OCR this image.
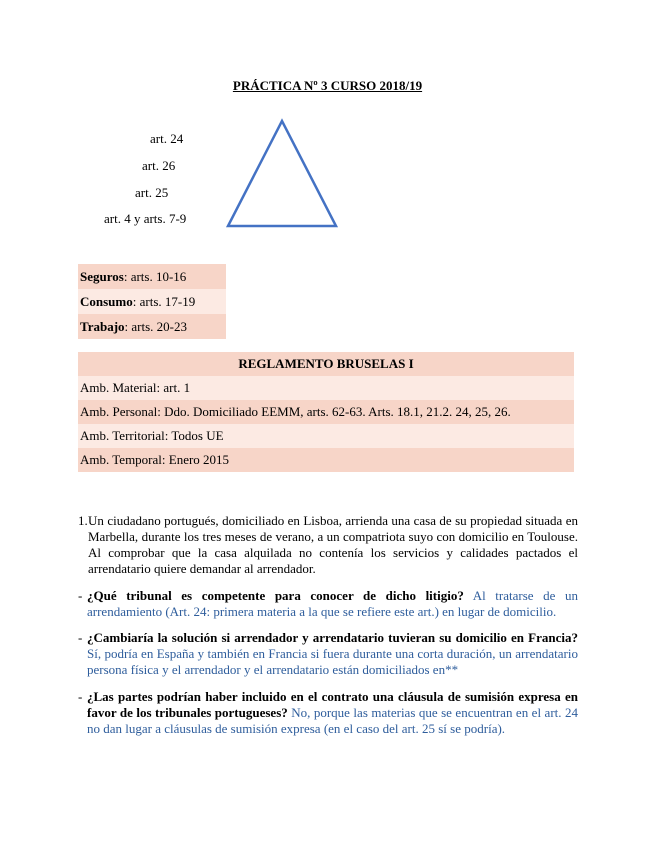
PRÁCTICA Nº 3 CURSO 2018/19
art. 24
art. 26
art. 25
art. 4 y arts. 7-9
Seguros: arts. 10-16
Consumo: arts. 17-19
Trabajo: arts. 20-23
REGLAMENTO BRUSELAS I
Amb. Material: art. 1
Amb. Personal: Ddo. Domiciliado EEMM, arts. 62-63. Arts. 18.1, 21.2. 24, 25, 26.
Amb. Territorial: Todos UE
Amb. Temporal: Enero 2015
1. Un ciudadano portugués, domiciliado en Lisboa, arrienda una casa de su propiedad situada en Marbella, durante los tres meses de verano, a un compatriota suyo con domicilio en Toulouse. Al comprobar que la casa alquilada no contenía los servicios y calidades pactados el arrendatario quiere demandar al arrendador.
- ¿Qué tribunal es competente para conocer de dicho litigio? Al tratarse de un arrendamiento (Art. 24: primera materia a la que se refiere este art.) en lugar de domicilio.
- ¿Cambiaría la solución si arrendador y arrendatario tuvieran su domicilio en Francia? Sí, podría en España y también en Francia si fuera durante una corta duración, un arrendatario persona física y el arrendador y el arrendatario están domiciliados en**
- ¿Las partes podrían haber incluido en el contrato una cláusula de sumisión expresa en favor de los tribunales portugueses? No, porque las materias que se encuentran en el art. 24 no dan lugar a cláusulas de sumisión expresa (en el caso del art. 25 sí se podría).
